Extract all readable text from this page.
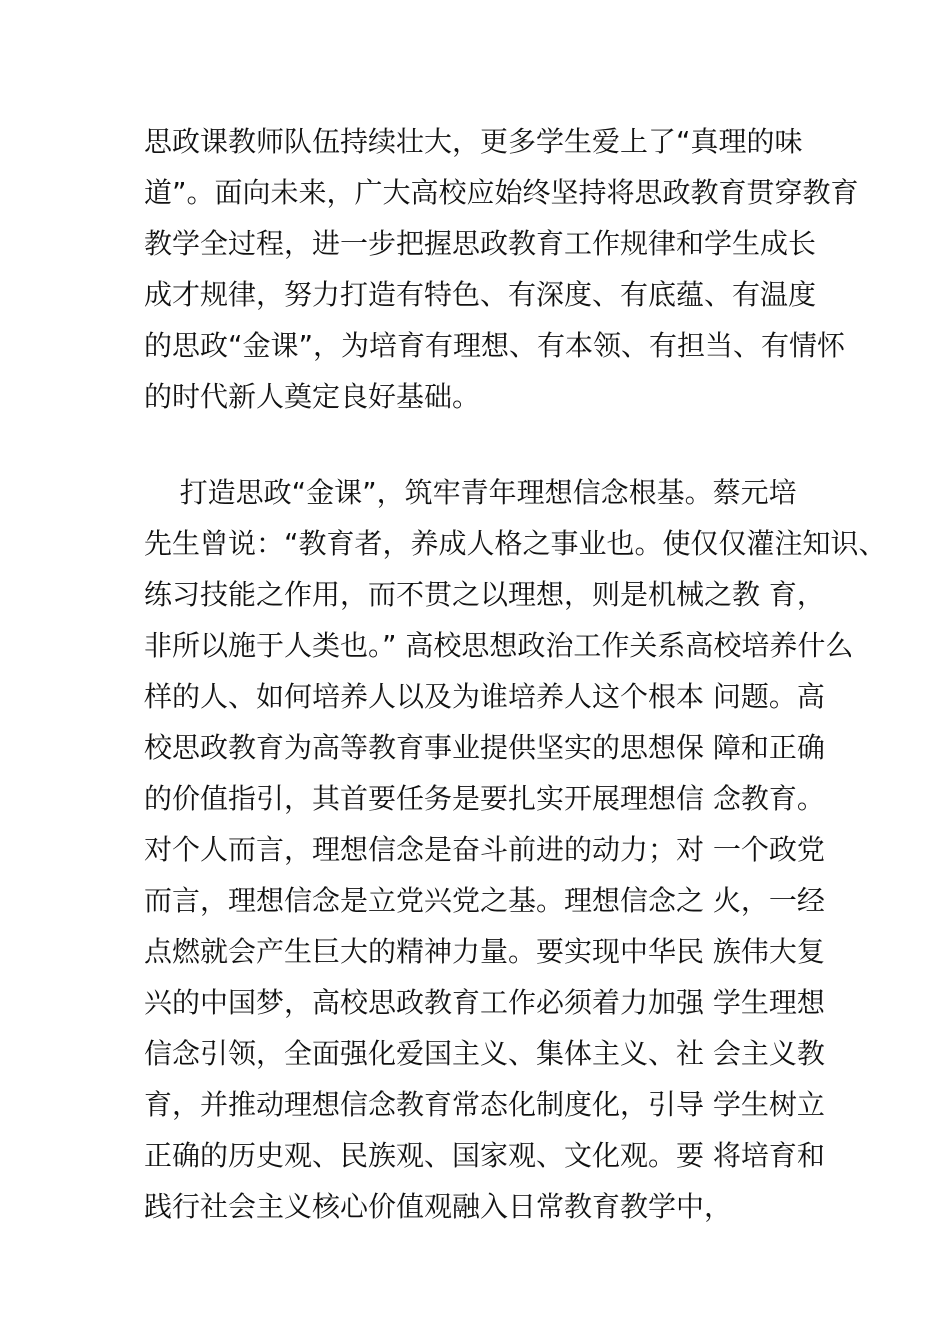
思政课教师队伍持续壮大，更多学生爱上了“真理的味
道”。面向未来，广大高校应始终坚持将思政教育贯穿教育
教学全过程，进一步把握思政教育工作规律和学生成长
成才规律，努力打造有特色、有深度、有底蕴、有温度
的思政“金课”，为培育有理想、有本领、有担当、有情怀
的时代新人奠定良好基础。
打造思政“金课”，筑牢青年理想信念根基。蔡元培
先生曾说：“教育者，养成人格之事业也。使仅仅灌注知识、
练习技能之作用，而不贯之以理想，则是机械之教 育，
非所以施于人类也。” 高校思想政治工作关系高校培养什么
样的人、如何培养人以及为谁培养人这个根本 问题。高
校思政教育为高等教育事业提供坚实的思想保 障和正确
的价值指引，其首要任务是要扎实开展理想信 念教育。
对个人而言，理想信念是奋斗前进的动力；对 一个政党
而言，理想信念是立党兴党之基。理想信念之 火，一经
点燃就会产生巨大的精神力量。要实现中华民 族伟大复
兴的中国梦，高校思政教育工作必须着力加强 学生理想
信念引领，全面强化爱国主义、集体主义、社 会主义教
育，并推动理想信念教育常态化制度化，引导 学生树立
正确的历史观、民族观、国家观、文化观。要 将培育和
践行社会主义核心价值观融入日常教育教学中，
